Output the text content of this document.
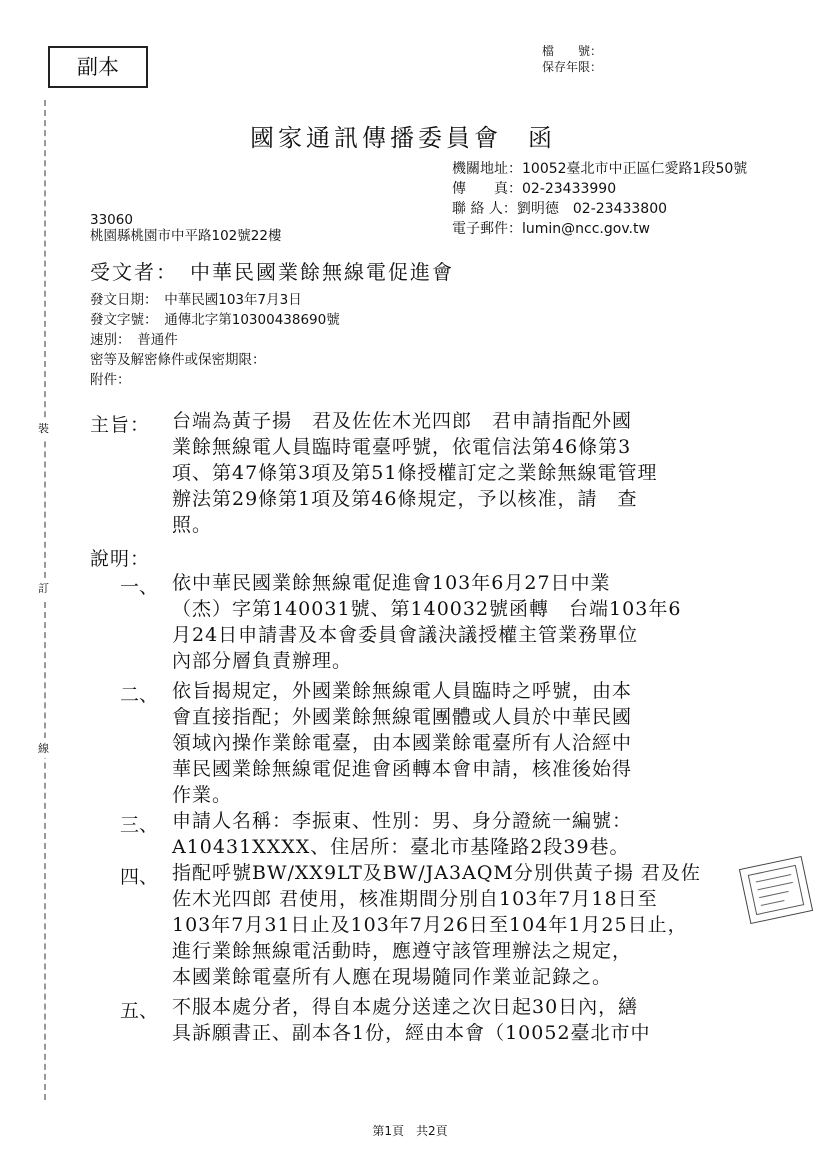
裝
訂
線
副本
檔　　號：
保存年限：
國家通訊傳播委員會 函
機關地址：10052臺北市中正區仁愛路1段50號
傳　　真：02-23433990
聯 絡 人：劉明德　02-23433800
電子郵件：lumin@ncc.gov.tw
33060
桃園縣桃園市中平路102號22樓
受文者：　中華民國業餘無線電促進會
發文日期：　中華民國103年7月3日
發文字號：　通傳北字第10300438690號
速別：　普通件
密等及解密條件或保密期限：
附件：
主旨： 台端為黃子揚　君及佐佐木光四郎　君申請指配外國
業餘無線電人員臨時電臺呼號，依電信法第46條第3
項、第47條第3項及第51條授權訂定之業餘無線電管理
辦法第29條第1項及第46條規定，予以核准，請　查
照。
說明：
一、 依中華民國業餘無線電促進會103年6月27日中業
（杰）字第140031號、第140032號函轉　台端103年6
月24日申請書及本會委員會議決議授權主管業務單位
內部分層負責辦理。
二、 依旨揭規定，外國業餘無線電人員臨時之呼號，由本
會直接指配；外國業餘無線電團體或人員於中華民國
領域內操作業餘電臺，由本國業餘電臺所有人洽經中
華民國業餘無線電促進會函轉本會申請，核准後始得
作業。
三、 申請人名稱：李振東、性別：男、身分證統一編號：
A10431XXXX、住居所：臺北市基隆路2段39巷。
四、 指配呼號BW/XX9LT及BW/JA3AQM分別供黃子揚 君及佐
佐木光四郎 君使用，核准期間分別自103年7月18日至
103年7月31日止及103年7月26日至104年1月25日止，
進行業餘無線電活動時，應遵守該管理辦法之規定，
本國業餘電臺所有人應在現場隨同作業並記錄之。
五、 不服本處分者，得自本處分送達之次日起30日內，繕
具訴願書正、副本各1份，經由本會（10052臺北市中
第1頁　共2頁
